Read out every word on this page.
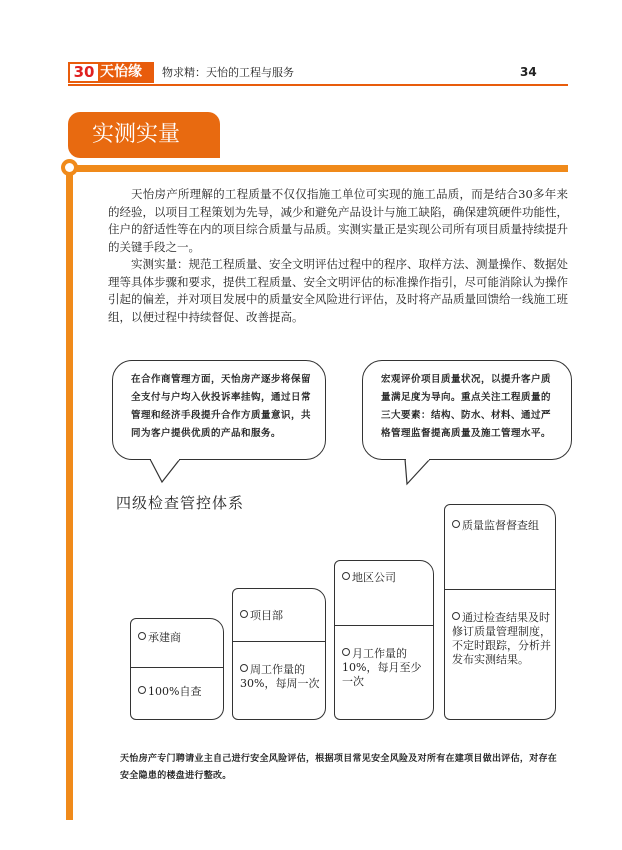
30 天怡缘	物求精：天怡的工程与服务	34
实测实量

天怡房产所理解的工程质量不仅仅指施工单位可实现的施工品质，而是结合30多年来的经验，以项目工程策划为先导，减少和避免产品设计与施工缺陷，确保建筑硬件功能性，住户的舒适性等在内的项目综合质量与品质。实测实量正是实现公司所有项目质量持续提升的关键手段之一。

实测实量：规范工程质量、安全文明评估过程中的程序、取样方法、测量操作、数据处理等具体步骤和要求，提供工程质量、安全文明评估的标准操作指引，尽可能消除认为操作引起的偏差，并对项目发展中的质量安全风险进行评估，及时将产品质量回馈给一线施工班组，以便过程中持续督促、改善提高。

在合作商管理方面，天怡房产逐步将保留全支付与户均入伙投诉率挂钩，通过日常管理和经济手段提升合作方质量意识，共同为客户提供优质的产品和服务。
宏观评价项目质量状况，以提升客户质量满足度为导向。重点关注工程质量的三大要素：结构、防水、材料、通过严格管理监督提高质量及施工管理水平。
四级检查管控体系
承建商
100%自查
项目部
周工作量的30%，每周一次
地区公司
月工作量的10%，每月至少一次
质量监督督查组
通过检查结果及时修订质量管理制度，不定时跟踪，分析并发布实测结果。
天怡房产专门聘请业主自己进行安全风险评估，根据项目常见安全风险及对所有在建项目做出评估，对存在安全隐患的楼盘进行整改。
